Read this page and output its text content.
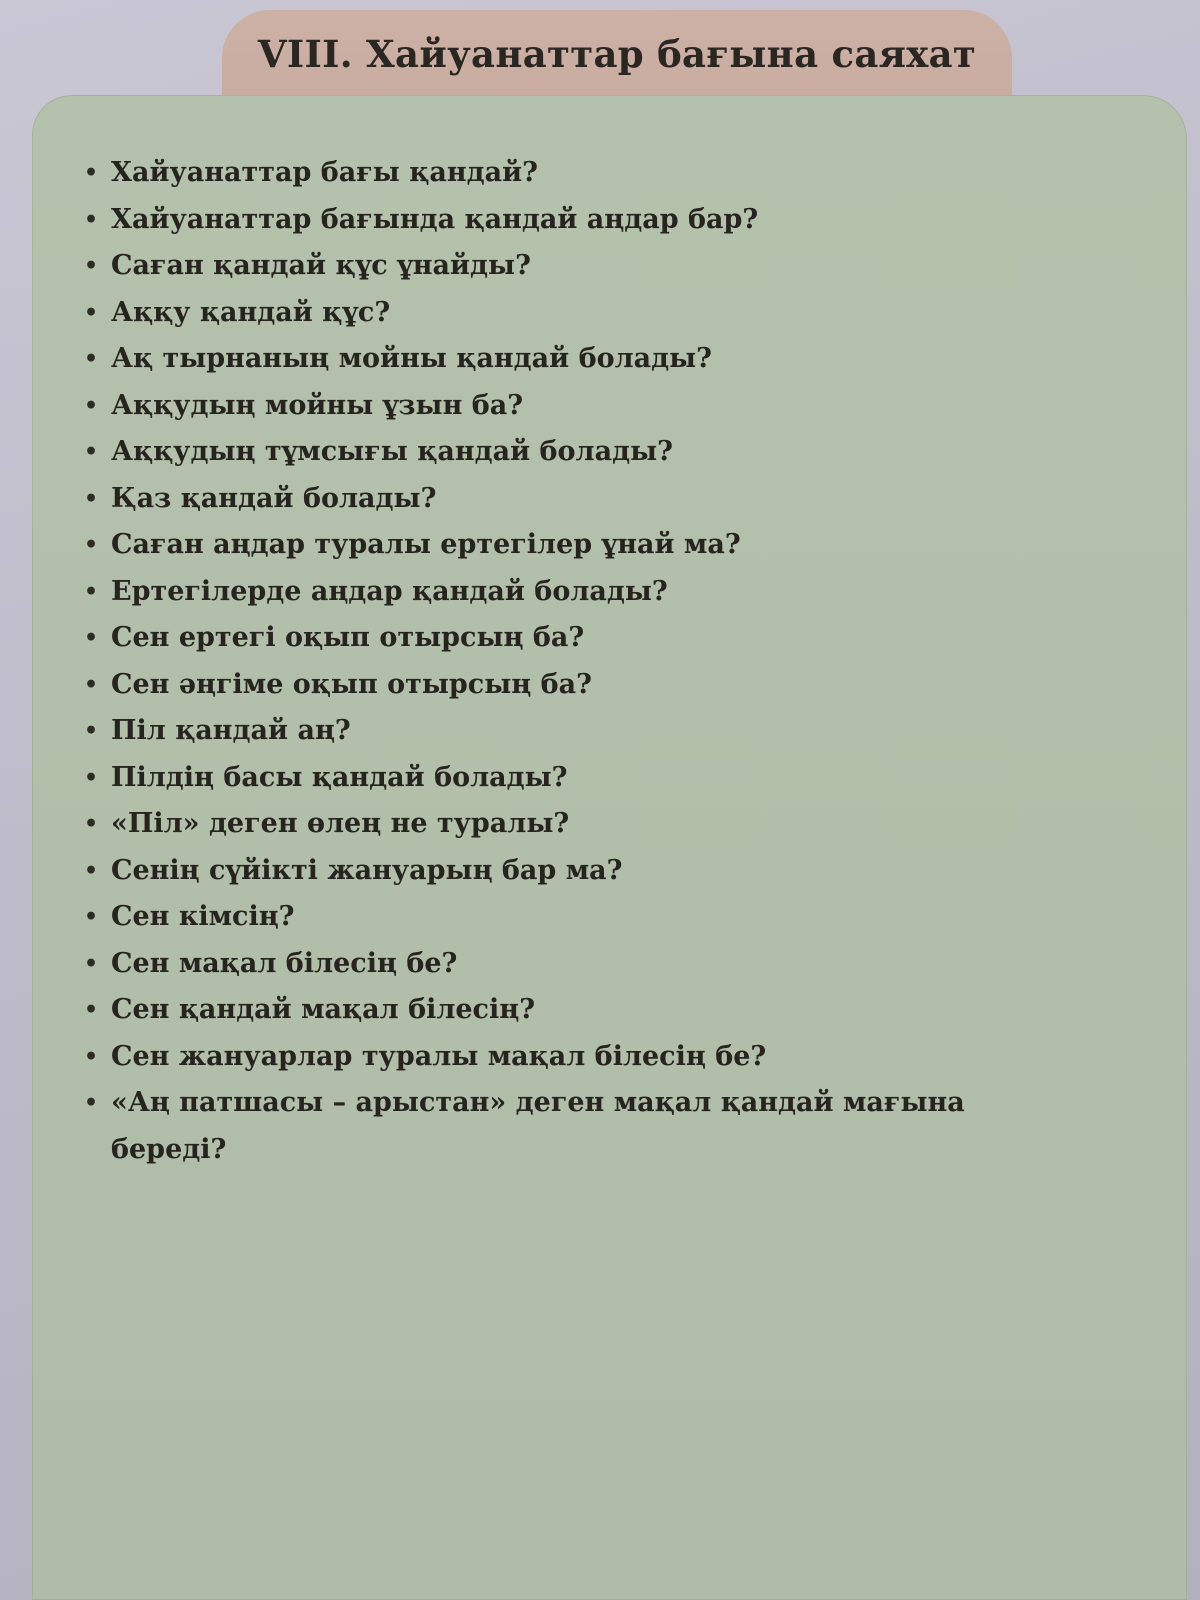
VIII. Хайуанаттар бағына саяхат
• Хайуанаттар бағы қандай?
• Хайуанаттар бағында қандай аңдар бар?
• Саған қандай құс ұнайды?
• Аққу қандай құс?
• Ақ тырнаның мойны қандай болады?
• Аққудың мойны ұзын ба?
• Аққудың тұмсығы қандай болады?
• Қаз қандай болады?
• Саған аңдар туралы ертегілер ұнай ма?
• Ертегілерде аңдар қандай болады?
• Сен ертегі оқып отырсың ба?
• Сен әңгіме оқып отырсың ба?
• Піл қандай аң?
• Пілдің басы қандай болады?
• «Піл» деген өлең не туралы?
• Сенің сүйікті жануарың бар ма?
• Сен кімсің?
• Сен мақал білесің бе?
• Сен қандай мақал білесің?
• Сен жануарлар туралы мақал білесің бе?
• «Аң патшасы – арыстан» деген мақал қандай мағына береді?
